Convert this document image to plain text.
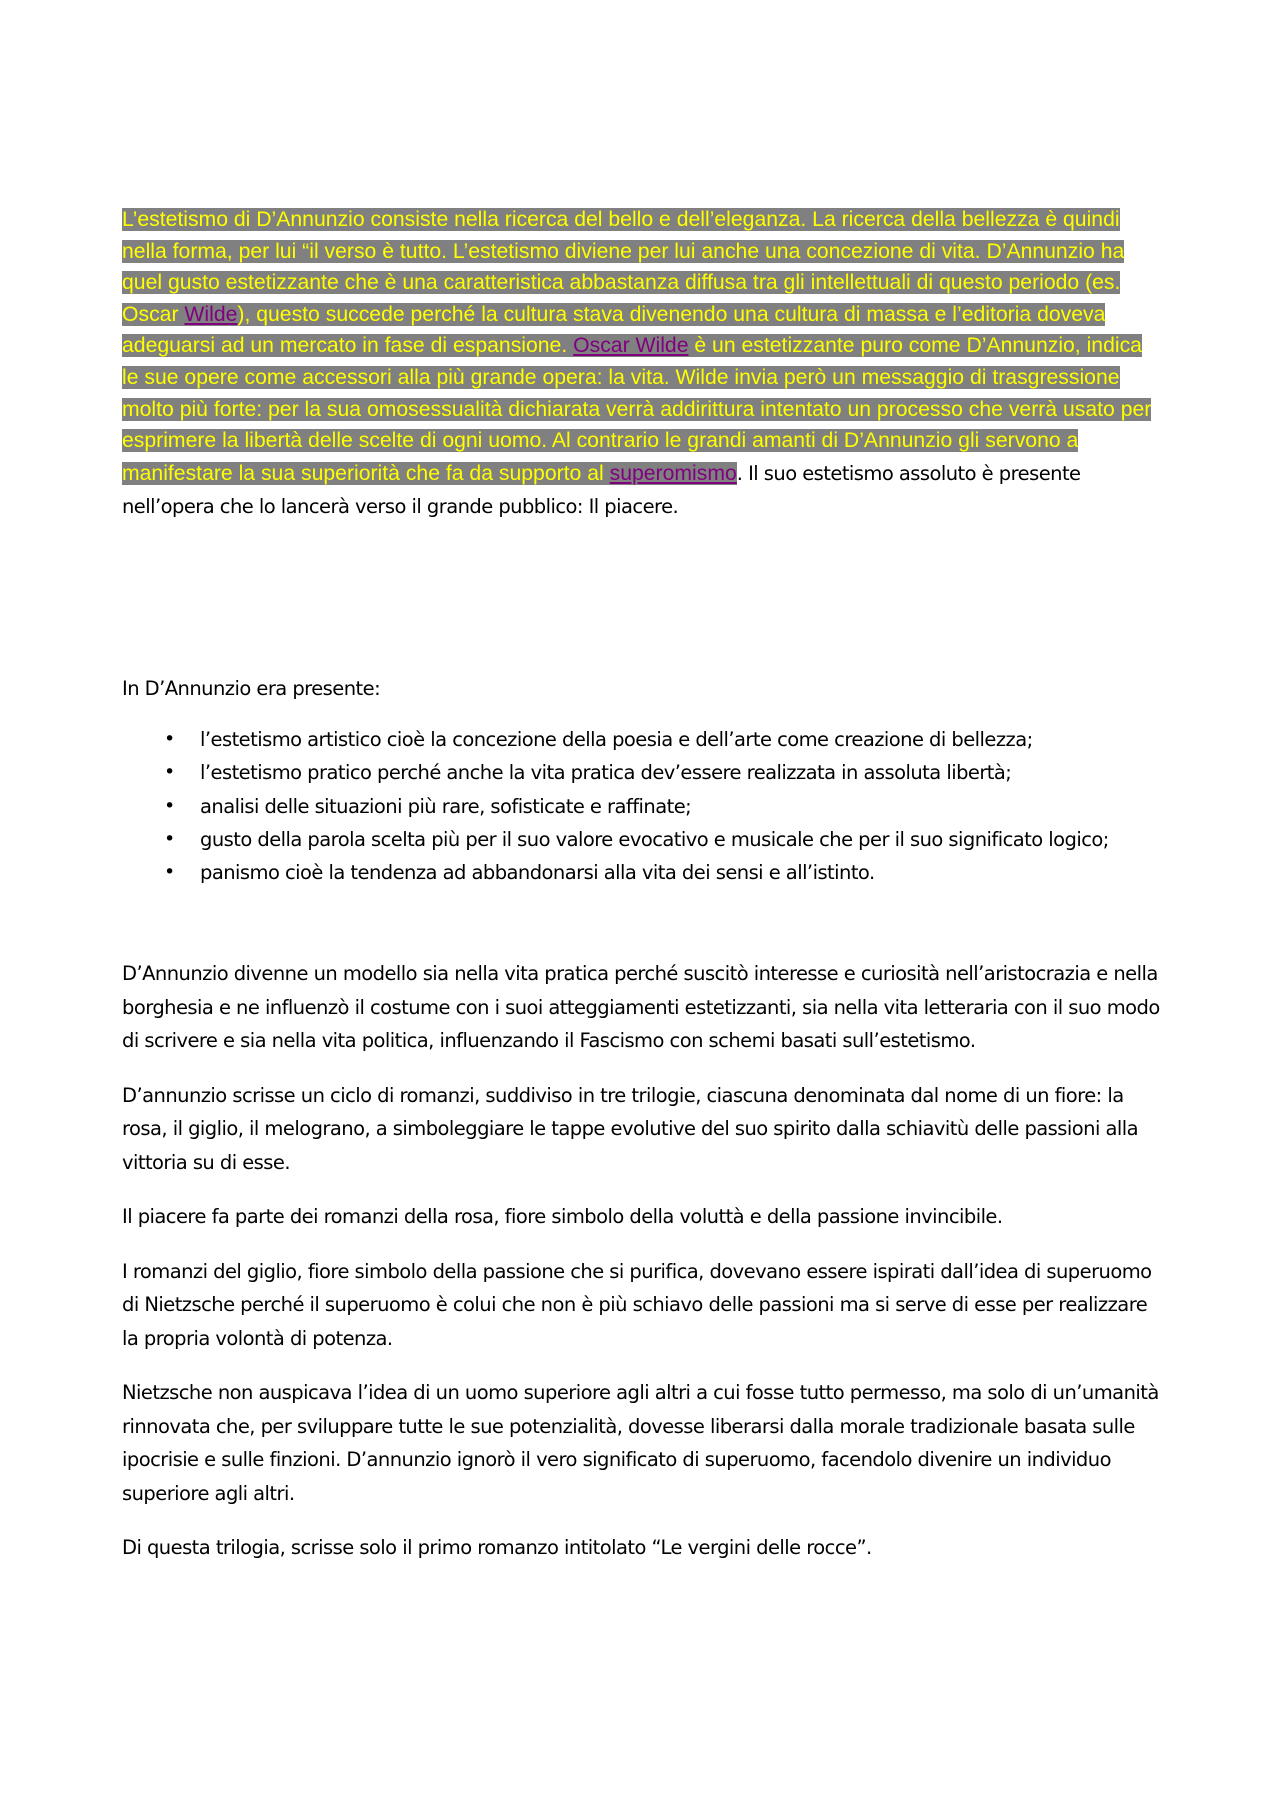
L’estetismo di D’Annunzio consiste nella ricerca del bello e dell’eleganza. La ricerca della bellezza è quindi nella forma, per lui “il verso è tutto. L’estetismo diviene per lui anche una concezione di vita. D’Annunzio ha quel gusto estetizzante che è una caratteristica abbastanza diffusa tra gli intellettuali di questo periodo (es. Oscar Wilde), questo succede perché la cultura stava divenendo una cultura di massa e l’editoria doveva adeguarsi ad un mercato in fase di espansione. Oscar Wilde è un estetizzante puro come D’Annunzio, indica le sue opere come accessori alla più grande opera: la vita. Wilde invia però un messaggio di trasgressione molto più forte: per la sua omosessualità dichiarata verrà addirittura intentato un processo che verrà usato per esprimere la libertà delle scelte di ogni uomo. Al contrario le grandi amanti di D’Annunzio gli servono a manifestare la sua superiorità che fa da supporto al superomismo. Il suo estetismo assoluto è presente nell’opera che lo lancerà verso il grande pubblico: Il piacere.

In D’Annunzio era presente:

• l’estetismo artistico cioè la concezione della poesia e dell’arte come creazione di bellezza;
• l’estetismo pratico perché anche la vita pratica dev’essere realizzata in assoluta libertà;
• analisi delle situazioni più rare, sofisticate e raffinate;
• gusto della parola scelta più per il suo valore evocativo e musicale che per il suo significato logico;
• panismo cioè la tendenza ad abbandonarsi alla vita dei sensi e all’istinto.

D’Annunzio divenne un modello sia nella vita pratica perché suscitò interesse e curiosità nell’aristocrazia e nella borghesia e ne influenzò il costume con i suoi atteggiamenti estetizzanti, sia nella vita letteraria con il suo modo di scrivere e sia nella vita politica, influenzando il Fascismo con schemi basati sull’estetismo.

D’annunzio scrisse un ciclo di romanzi, suddiviso in tre trilogie, ciascuna denominata dal nome di un fiore: la rosa, il giglio, il melograno, a simboleggiare le tappe evolutive del suo spirito dalla schiavitù delle passioni alla vittoria su di esse.

Il piacere fa parte dei romanzi della rosa, fiore simbolo della voluttà e della passione invincibile.

I romanzi del giglio, fiore simbolo della passione che si purifica, dovevano essere ispirati dall’idea di superuomo di Nietzsche perché il superuomo è colui che non è più schiavo delle passioni ma si serve di esse per realizzare la propria volontà di potenza.

Nietzsche non auspicava l’idea di un uomo superiore agli altri a cui fosse tutto permesso, ma solo di un’umanità rinnovata che, per sviluppare tutte le sue potenzialità, dovesse liberarsi dalla morale tradizionale basata sulle ipocrisie e sulle finzioni. D’annunzio ignorò il vero significato di superuomo, facendolo divenire un individuo superiore agli altri.

Di questa trilogia, scrisse solo il primo romanzo intitolato “Le vergini delle rocce”.
